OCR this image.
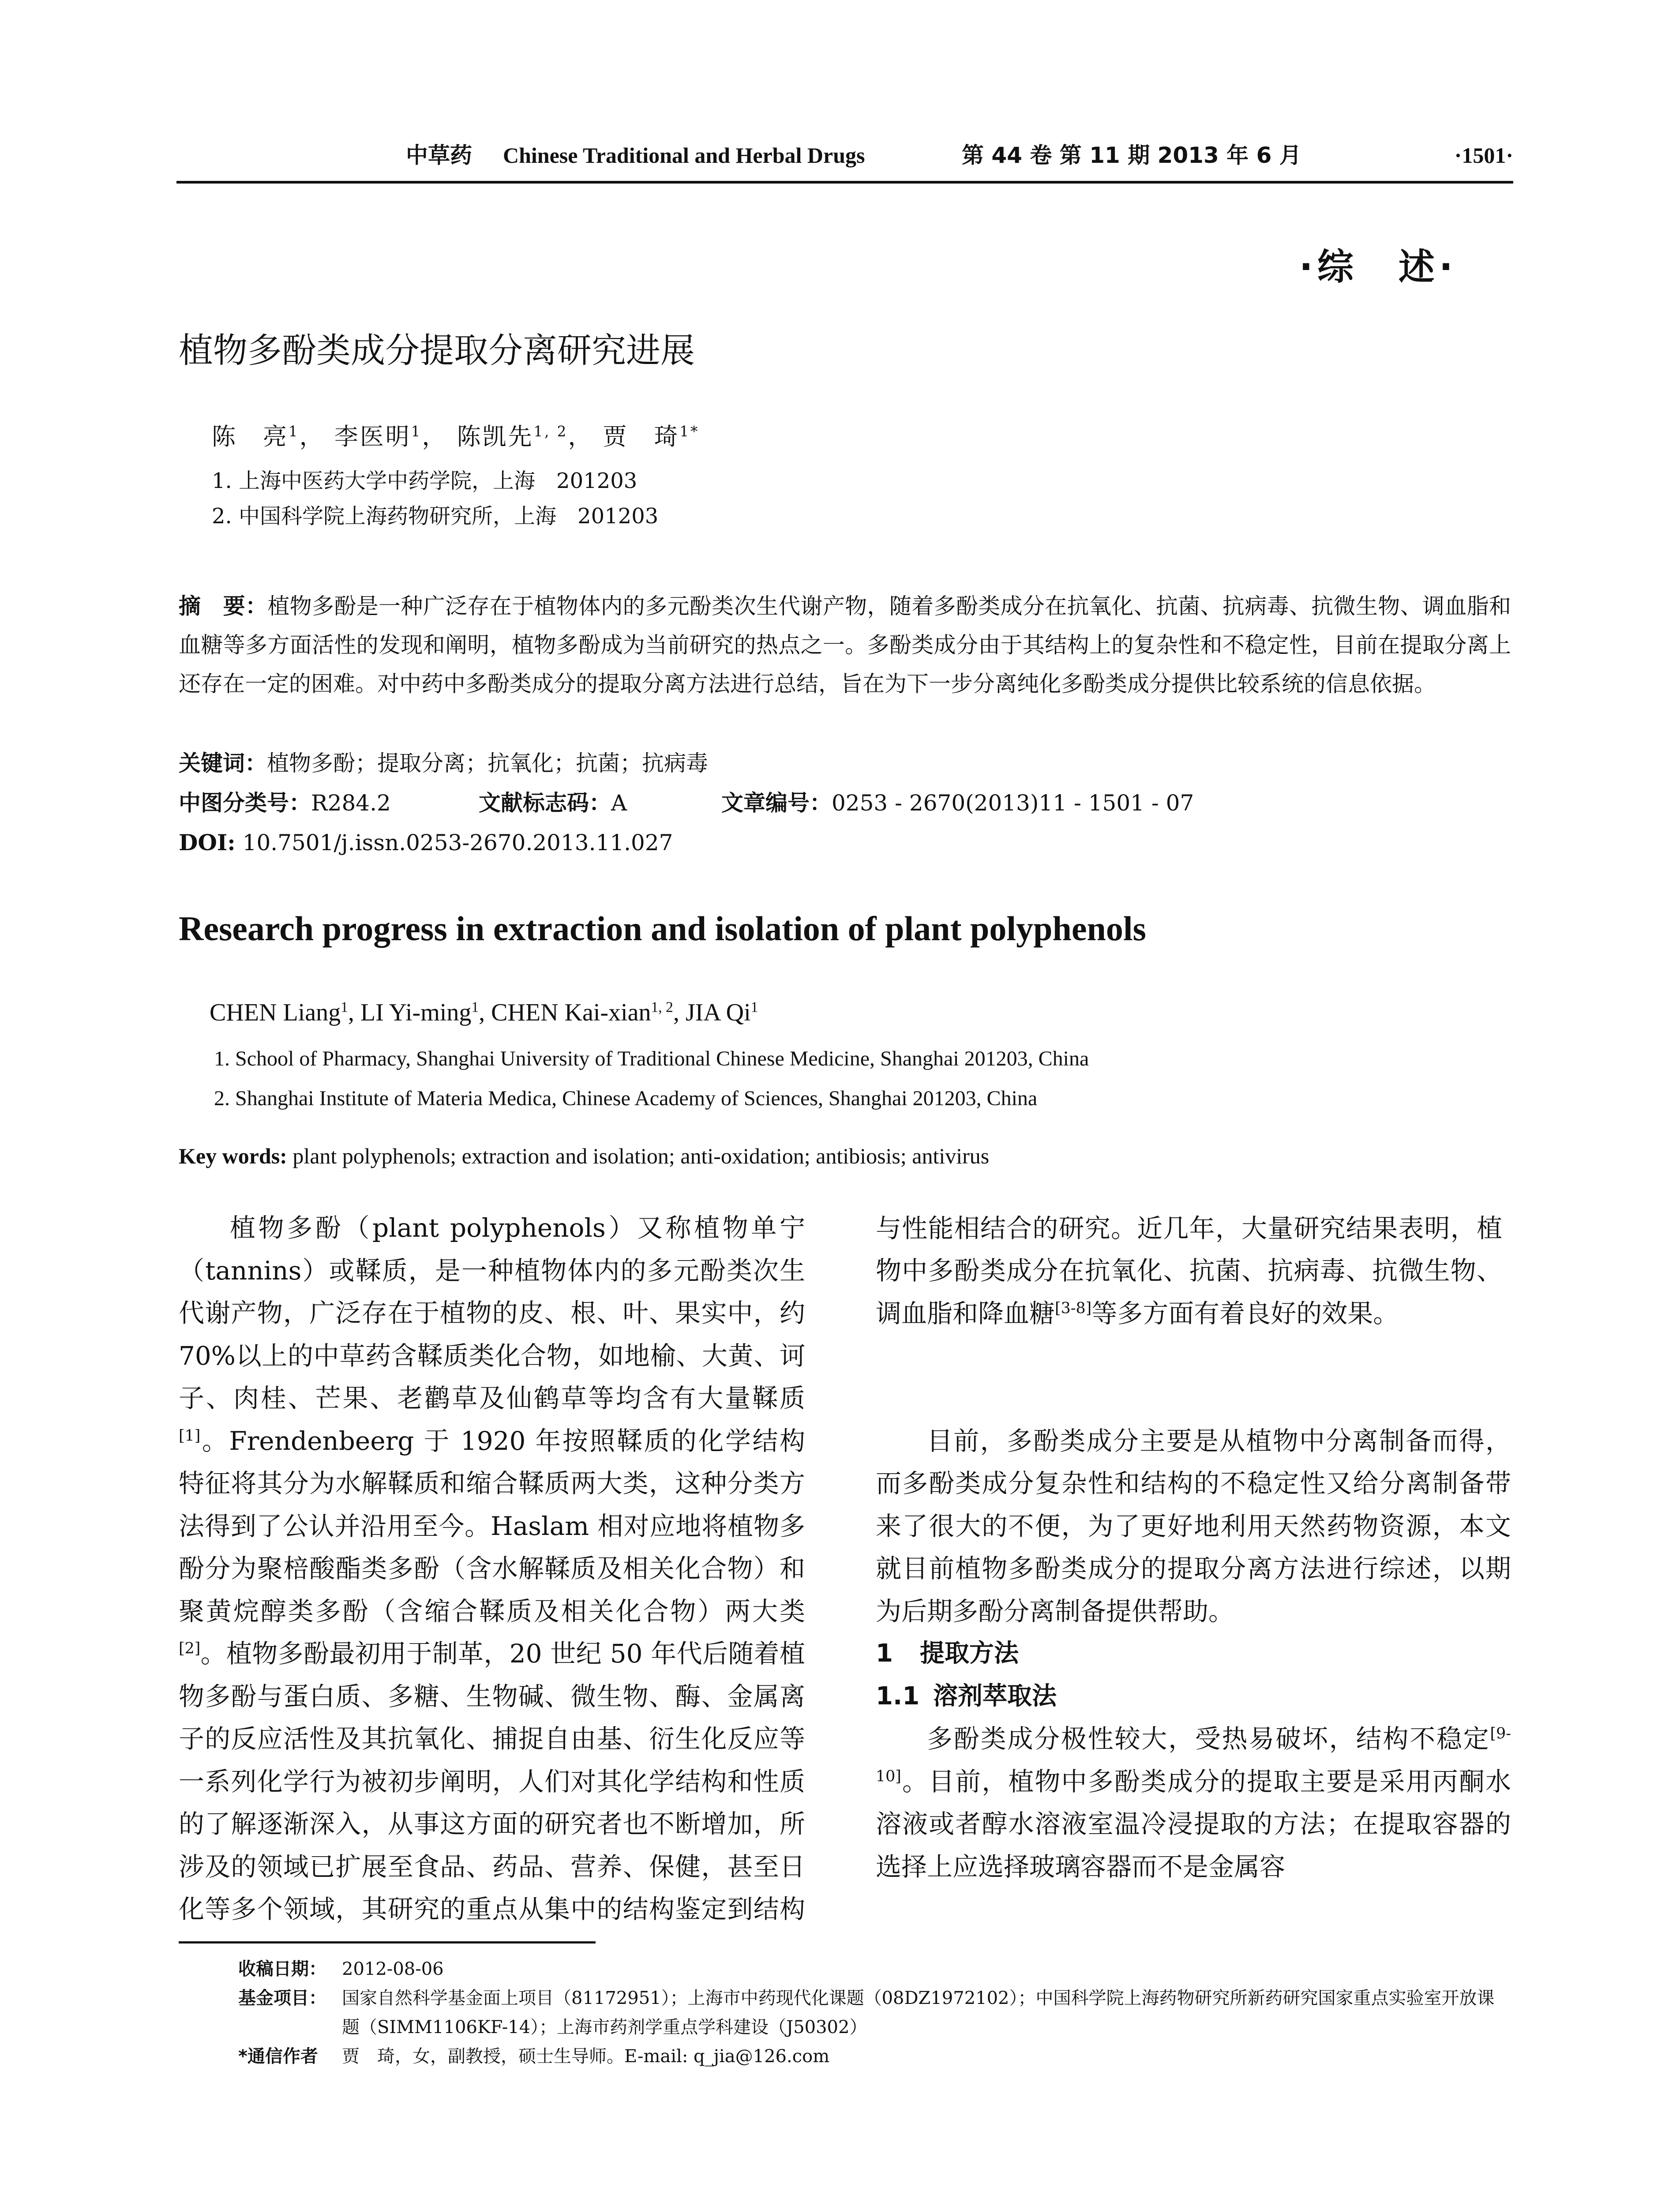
中草药 Chinese Traditional and Herbal Drugs	第 44 卷 第 11 期 2013 年 6 月	·1501·
·综　述·
植物多酚类成分提取分离研究进展
陈　亮$^1$， 李医明$^1$， 陈凯先$^{1, 2}$， 贾　琦$^{1*}$
1. 上海中医药大学中药学院，上海　201203
2. 中国科学院上海药物研究所，上海　201203
摘　要：植物多酚是一种广泛存在于植物体内的多元酚类次生代谢产物，随着多酚类成分在抗氧化、抗菌、抗病毒、抗微生物、调血脂和血糖等多方面活性的发现和阐明，植物多酚成为当前研究的热点之一。多酚类成分由于其结构上的复杂性和不稳定性，目前在提取分离上还存在一定的困难。对中药中多酚类成分的提取分离方法进行总结，旨在为下一步分离纯化多酚类成分提供比较系统的信息依据。
关键词：植物多酚；提取分离；抗氧化；抗菌；抗病毒
中图分类号：R284.2	文献标志码：A	文章编号：0253 - 2670(2013)11 - 1501 - 07
DOI: 10.7501/j.issn.0253-2670.2013.11.027
Research progress in extraction and isolation of plant polyphenols
CHEN Liang$^1$, LI Yi-ming$^1$, CHEN Kai-xian$^{1, 2}$, JIA Qi$^1$
1. School of Pharmacy, Shanghai University of Traditional Chinese Medicine, Shanghai 201203, China
2. Shanghai Institute of Materia Medica, Chinese Academy of Sciences, Shanghai 201203, China
Key words: plant polyphenols; extraction and isolation; anti-oxidation; antibiosis; antivirus

植物多酚（plant polyphenols）又称植物单宁（tannins）或鞣质，是一种植物体内的多元酚类次生代谢产物，广泛存在于植物的皮、根、叶、果实中，约 70%以上的中草药含鞣质类化合物，如地榆、大黄、诃子、肉桂、芒果、老鹳草及仙鹤草等均含有大量鞣质[1]。Frendenbeerg 于 1920 年按照鞣质的化学结构特征将其分为水解鞣质和缩合鞣质两大类，这种分类方法得到了公认并沿用至今。Haslam 相对应地将植物多酚分为聚棓酸酯类多酚（含水解鞣质及相关化合物）和聚黄烷醇类多酚（含缩合鞣质及相关化合物）两大类[2]。植物多酚最初用于制革，20 世纪 50 年代后随着植物多酚与蛋白质、多糖、生物碱、微生物、酶、金属离子的反应活性及其抗氧化、捕捉自由基、衍生化反应等一系列化学行为被初步阐明，人们对其化学结构和性质的了解逐渐深入，从事这方面的研究者也不断增加，所涉及的领域已扩展至食品、药品、营养、保健，甚至日化等多个领域，其研究的重点从集中的结构鉴定到结构

与性能相结合的研究。近几年，大量研究结果表明，植物中多酚类成分在抗氧化、抗菌、抗病毒、抗微生物、调血脂和降血糖[3-8]等多方面有着良好的效果。

目前，多酚类成分主要是从植物中分离制备而得，而多酚类成分复杂性和结构的不稳定性又给分离制备带来了很大的不便，为了更好地利用天然药物资源，本文就目前植物多酚类成分的提取分离方法进行综述，以期为后期多酚分离制备提供帮助。

1 提取方法

1.1 溶剂萃取法

多酚类成分极性较大，受热易破坏，结构不稳定[9-10]。目前，植物中多酚类成分的提取主要是采用丙酮水溶液或者醇水溶液室温冷浸提取的方法；在提取容器的选择上应选择玻璃容器而不是金属容

收稿日期： 2012-08-06
基金项目： 国家自然科学基金面上项目（81172951）；上海市中药现代化课题（08DZ1972102）；中国科学院上海药物研究所新药研究国家重点实验室开放课题（SIMM1106KF-14）；上海市药剂学重点学科建设（J50302）
*通信作者	贾　琦，女，副教授，硕士生导师。E-mail: q_jia@126.com
